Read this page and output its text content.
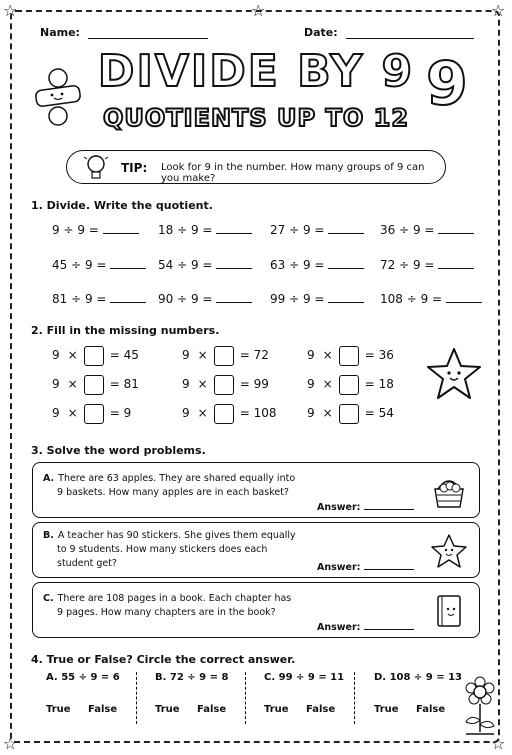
☆	☆	☆
☆	☆
Name:	Date:
DIVIDE BY 9 9
QUOTIENTS UP TO 12
TIP: Look for 9 in the number. How many groups of 9 can you make?
1. Divide. Write the quotient.
9 ÷ 9 =	18 ÷ 9 =	27 ÷ 9 =	36 ÷ 9 =
45 ÷ 9 =	54 ÷ 9 =	63 ÷ 9 =	72 ÷ 9 =
81 ÷ 9 =	90 ÷ 9 =	99 ÷ 9 =	108 ÷ 9 =
2. Fill in the missing numbers.
9 ×	= 45	9 ×	= 72	9 ×	= 36
9 ×	= 81	9 ×	= 99	9 ×	= 18
9 ×	= 9	9 ×	= 108	9 ×	= 54
3. Solve the word problems.
A. There are 63 apples. They are shared equally into
9 baskets. How many apples are in each basket?
Answer:
B. A teacher has 90 stickers. She gives them equally
to 9 students. How many stickers does each
student get?	Answer:
C. There are 108 pages in a book. Each chapter has
9 pages. How many chapters are in the book?
Answer:
4. True or False? Circle the correct answer.
A. 55 ÷ 9 = 6
True False
B. 72 ÷ 9 = 8
True False
C. 99 ÷ 9 = 11
True False
D. 108 ÷ 9 = 13
True False
